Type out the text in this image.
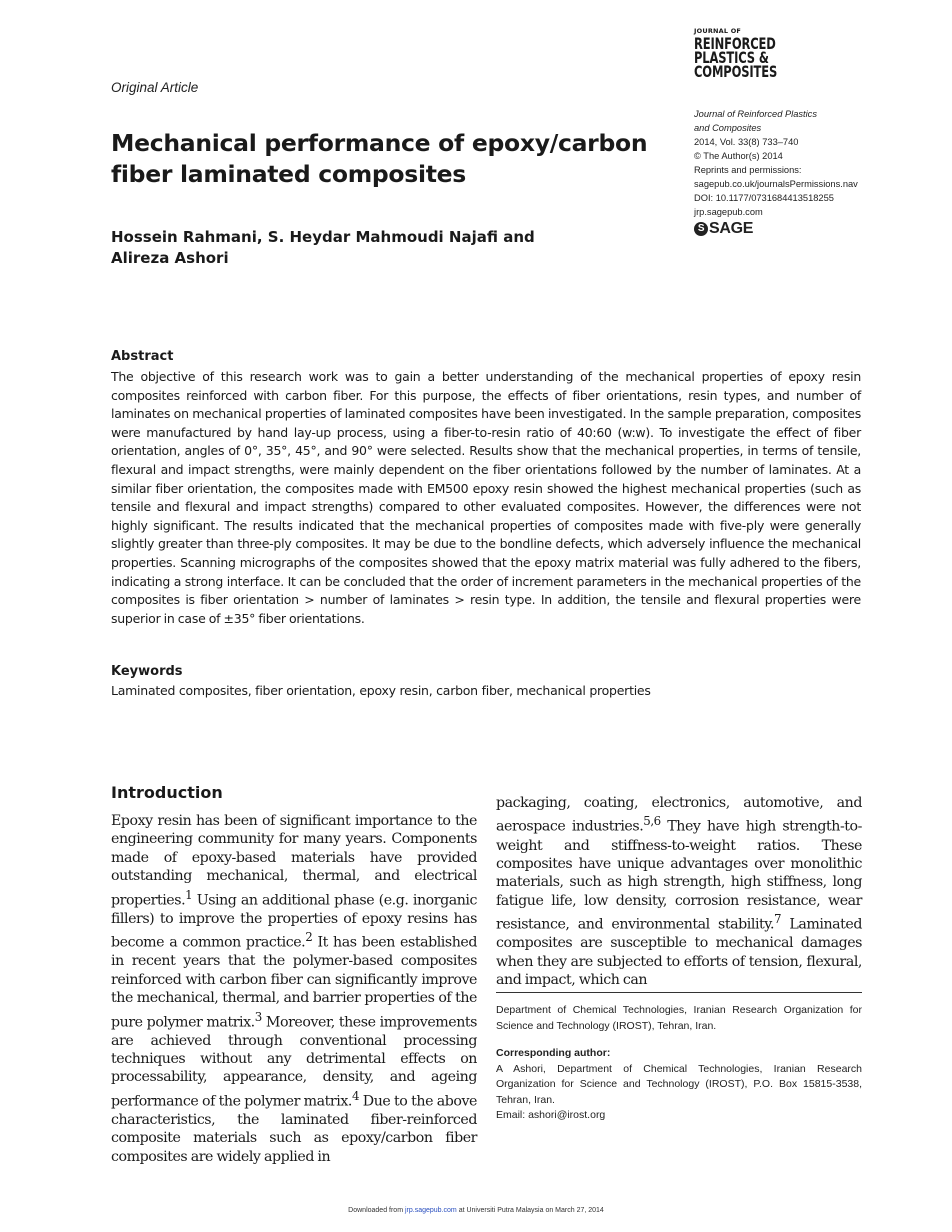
Original Article
JOURNAL OF
REINFORCED
PLASTICS &
COMPOSITES
Journal of Reinforced Plastics
and Composites
2014, Vol. 33(8) 733–740
© The Author(s) 2014
Reprints and permissions:
sagepub.co.uk/journalsPermissions.nav
DOI: 10.1177/0731684413518255
jrp.sagepub.com
S SAGE
Mechanical performance of epoxy/carbon fiber laminated composites
Hossein Rahmani, S. Heydar Mahmoudi Najafi and Alireza Ashori
Abstract

The objective of this research work was to gain a better understanding of the mechanical properties of epoxy resin composites reinforced with carbon fiber. For this purpose, the effects of fiber orientations, resin types, and number of laminates on mechanical properties of laminated composites have been investigated. In the sample preparation, composites were manufactured by hand lay-up process, using a fiber-to-resin ratio of 40:60 (w:w). To investigate the effect of fiber orientation, angles of 0°, 35°, 45°, and 90° were selected. Results show that the mechanical properties, in terms of tensile, flexural and impact strengths, were mainly dependent on the fiber orientations followed by the number of laminates. At a similar fiber orientation, the composites made with EM500 epoxy resin showed the highest mechanical properties (such as tensile and flexural and impact strengths) compared to other evaluated composites. However, the differences were not highly significant. The results indicated that the mechanical properties of composites made with five-ply were generally slightly greater than three-ply composites. It may be due to the bondline defects, which adversely influence the mechanical properties. Scanning micrographs of the composites showed that the epoxy matrix material was fully adhered to the fibers, indicating a strong interface. It can be concluded that the order of increment parameters in the mechanical properties of the composites is fiber orientation > number of laminates > resin type. In addition, the tensile and flexural properties were superior in case of ±35° fiber orientations.

Keywords

Laminated composites, fiber orientation, epoxy resin, carbon fiber, mechanical properties

Introduction

Epoxy resin has been of significant importance to the engineering community for many years. Components made of epoxy-based materials have provided outstanding mechanical, thermal, and electrical properties.$^1$ Using an additional phase (e.g. inorganic fillers) to improve the properties of epoxy resins has become a common practice.$^2$ It has been established in recent years that the polymer-based composites reinforced with carbon fiber can significantly improve the mechanical, thermal, and barrier properties of the pure polymer matrix.$^3$ Moreover, these improvements are achieved through conventional processing techniques without any detrimental effects on processability, appearance, density, and ageing performance of the polymer matrix.$^4$ Due to the above characteristics, the laminated fiber-reinforced composite materials such as epoxy/carbon fiber composites are widely applied in

packaging, coating, electronics, automotive, and aerospace industries.$^{5,6}$ They have high strength-to-weight and stiffness-to-weight ratios. These composites have unique advantages over monolithic materials, such as high strength, high stiffness, long fatigue life, low density, corrosion resistance, wear resistance, and environmental stability.$^7$ Laminated composites are susceptible to mechanical damages when they are subjected to efforts of tension, flexural, and impact, which can

Department of Chemical Technologies, Iranian Research Organization for Science and Technology (IROST), Tehran, Iran.

Corresponding author:

A Ashori, Department of Chemical Technologies, Iranian Research Organization for Science and Technology (IROST), P.O. Box 15815-3538, Tehran, Iran.

Email: ashori@irost.org

Downloaded from jrp.sagepub.com at Universiti Putra Malaysia on March 27, 2014
